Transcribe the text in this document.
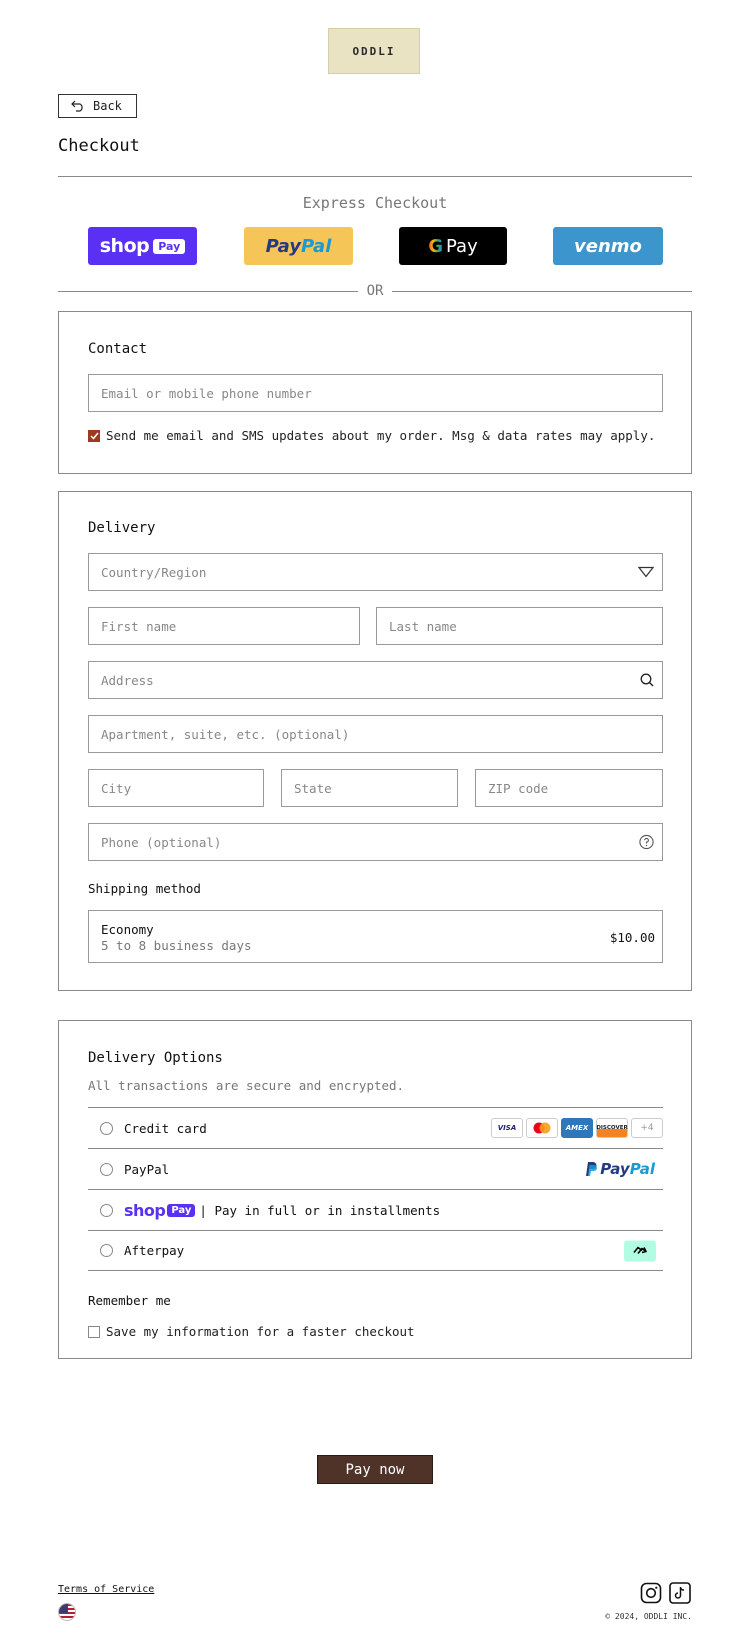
ODDLI
Back
Checkout
Express Checkout
shop Pay	Pay Pal	G Pay	venmo
OR
Contact
Email or mobile phone number
Send me email and SMS updates about my order. Msg & data rates may apply.
Delivery
Country/Region
First name	Last name
Address
Apartment, suite, etc. (optional)
City	State	ZIP code
Phone (optional)
Shipping method
Economy
5 to 8 business days
$10.00
Delivery Options
All transactions are secure and encrypted.
Credit card	VISA	AMEX DISCOVER	+4
PayPal	Pay Pal
shop Pay | Pay in full or in installments
Afterpay
Remember me
Save my information for a faster checkout
Pay now
Terms of Service
© 2024, ODDLI INC.
